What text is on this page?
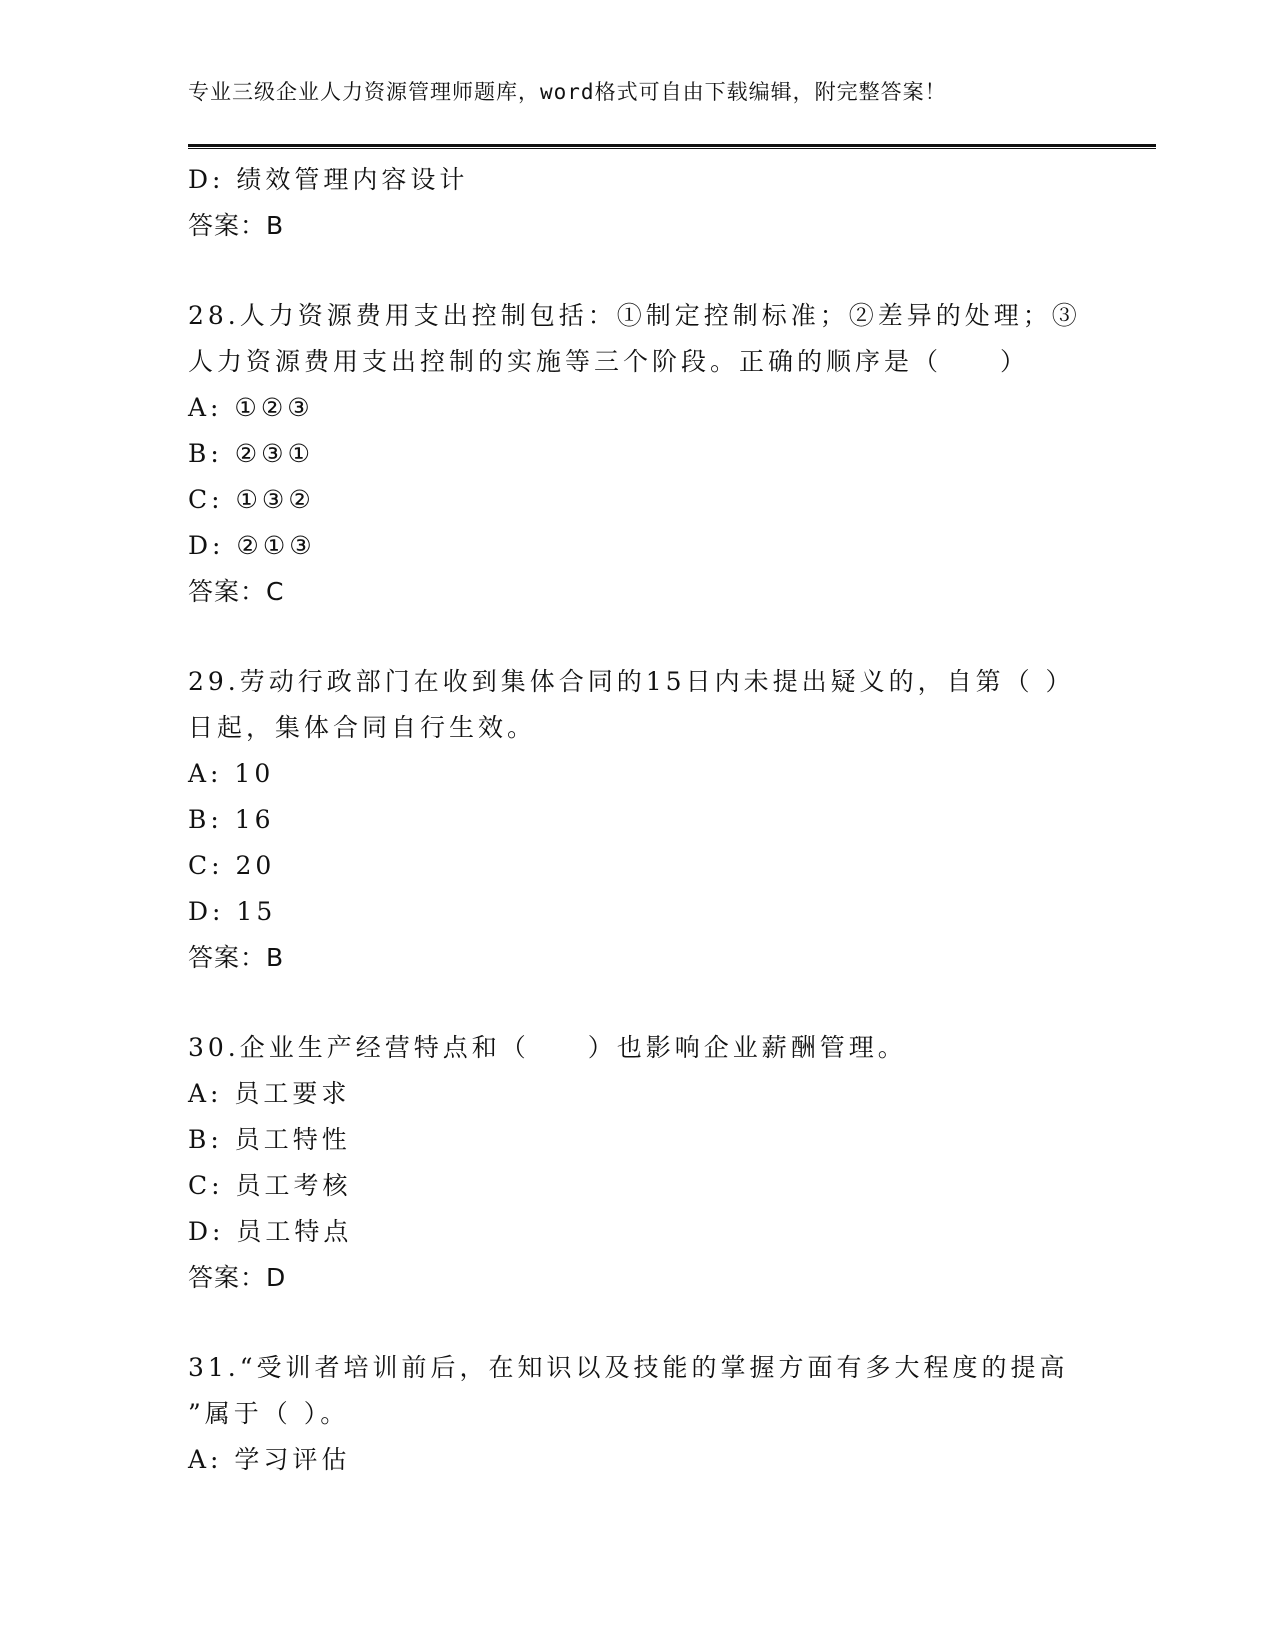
专业三级企业人力资源管理师题库，word格式可自由下载编辑，附完整答案！
D: 绩效管理内容设计
答案：B
28.人力资源费用支出控制包括：①制定控制标准；②差异的处理；③
人力资源费用支出控制的实施等三个阶段。正确的顺序是（　　）
A: ①②③
B: ②③①
C: ①③②
D: ②①③
答案：C
29.劳动行政部门在收到集体合同的15日内未提出疑义的，自第（ ）
日起，集体合同自行生效。
A: 10
B: 16
C: 20
D: 15
答案：B
30.企业生产经营特点和（　　）也影响企业薪酬管理。
A: 员工要求
B: 员工特性
C: 员工考核
D: 员工特点
答案：D
31.“受训者培训前后，在知识以及技能的掌握方面有多大程度的提高
”属于（ ）。
A: 学习评估
